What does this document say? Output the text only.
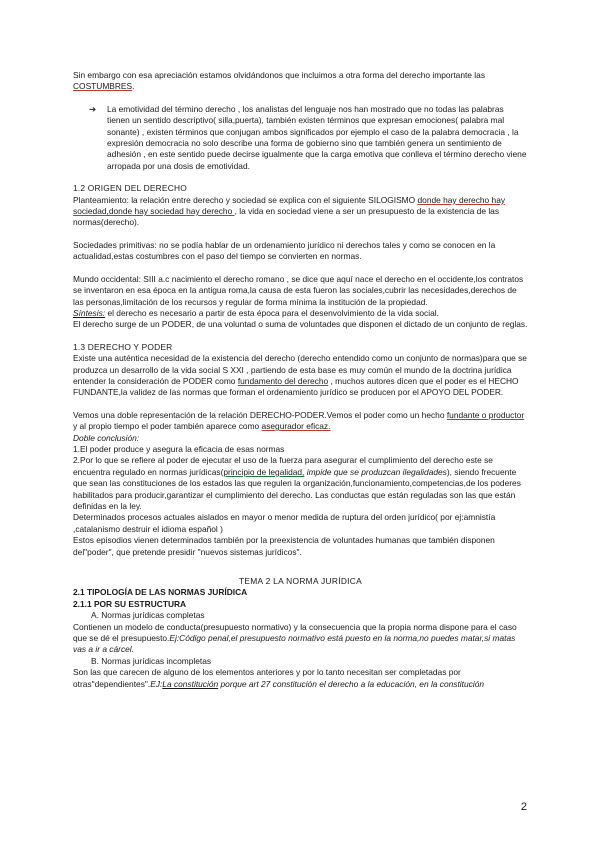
Sin embargo con esa apreciación estamos olvidándonos que incluimos a otra forma del derecho importante las COSTUMBRES.

➔ La emotividad del término derecho , los analistas del lenguaje nos han mostrado que no todas las palabras tienen un sentido descriptivo( silla,puerta), también existen términos que expresan emociones( palabra mal sonante) , existen términos que conjugan ambos significados por ejemplo el caso de la palabra democracia , la expresión democracia no solo describe una forma de gobierno sino que también genera un sentimiento de adhesión , en este sentido puede decirse igualmente que la carga emotiva que conlleva el término derecho viene arropada por una dosis de emotividad.

1.2 ORIGEN DEL DERECHO

Planteamiento: la relación entre derecho y sociedad se explica con el siguiente SILOGISMO donde hay derecho hay sociedad,donde hay sociedad hay derecho , la vida en sociedad viene a ser un presupuesto de la existencia de las normas(derecho).

Sociedades primitivas: no se podía hablar de un ordenamiento jurídico ni derechos tales y como se conocen en la actualidad,estas costumbres con el paso del tiempo se convierten en normas.

Mundo occidental: SIII a.c nacimiento el derecho romano , se dice que aquí nace el derecho en el occidente,los contratos se inventaron en esa época en la antigua roma,la causa de esta fueron las sociales,cubrir las necesidades,derechos de las personas,limitación de los recursos y regular de forma mínima la institución de la propiedad.

Síntesis: el derecho es necesario a partir de esta época para el desenvolvimiento de la vida social.

El derecho surge de un PODER, de una voluntad o suma de voluntades que disponen el dictado de un conjunto de reglas.

1.3 DERECHO Y PODER

Existe una auténtica necesidad de la existencia del derecho (derecho entendido como un conjunto de normas)para que se produzca un desarrollo de la vida social S XXI , partiendo de esta base es muy común el mundo de la doctrina jurídica entender la consideración de PODER como fundamento del derecho , muchos autores dicen que el poder es el HECHO FUNDANTE,la validez de las normas que forman el ordenamiento jurídico se producen por el APOYO DEL PODER.

Vemos una doble representación de la relación DERECHO-PODER.Vemos el poder como un hecho fundante o productor y al propio tiempo el poder también aparece como asegurador eficaz.

Doble conclusión:

1.El poder produce y asegura la eficacia de esas normas

2.Por lo que se refiere al poder de ejecutar el uso de la fuerza para asegurar el cumplimiento del derecho este se encuentra regulado en normas jurídicas(principio de legalidad, impide que se produzcan ilegalidades), siendo frecuente que sean las constituciones de los estados las que regulen la organización,funcionamiento,competencias,de los poderes habilitados para producir,garantizar el cumplimiento del derecho. Las conductas que están reguladas son las que están definidas en la ley.

Determinados procesos actuales aislados en mayor o menor medida de ruptura del orden jurídico( por ej:amnistía ,catalanismo destruir el idioma español )

Estos episodios vienen determinados también por la preexistencia de voluntades humanas que también disponen del"poder", que pretende presidir "nuevos sistemas jurídicos".

TEMA 2 LA NORMA JURÍDICA

2.1 TIPOLOGÍA DE LAS NORMAS JURÍDICA

2.1.1 POR SU ESTRUCTURA

A. Normas jurídicas completas

Contienen un modelo de conducta(presupuesto normativo) y la consecuencia que la propia norma dispone para el caso que se dé el presupuesto.Ej:Código penal,el presupuesto normativo está puesto en la norma,no puedes matar,si matas vas a ir a cárcel.

B. Normas jurídicas incompletas

Son las que carecen de alguno de los elementos anteriores y por lo tanto necesitan ser completadas por otras"dependientes".EJ:La constitución porque art 27 constitución el derecho a la educación, en la constitución

2
